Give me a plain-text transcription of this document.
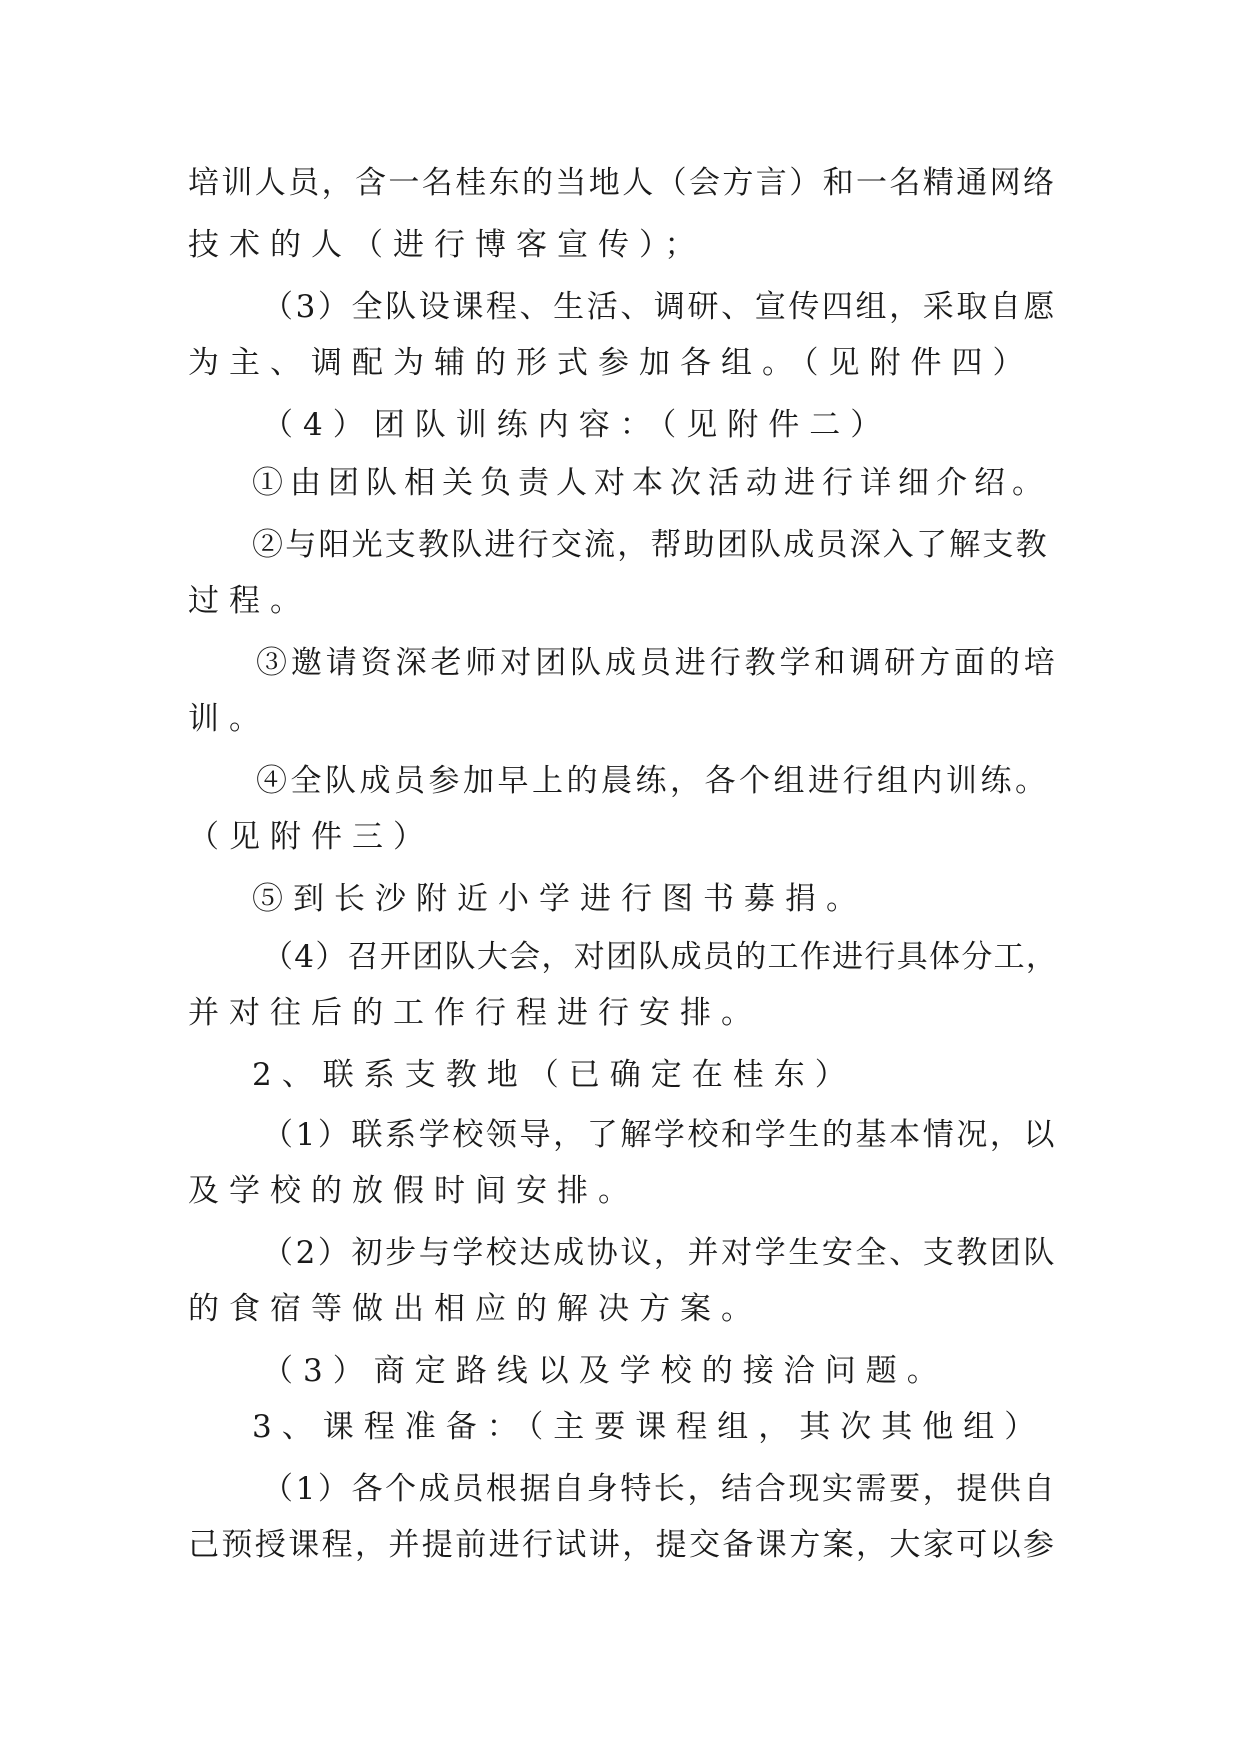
培训人员，含一名桂东的当地人（会方言）和一名精通网络
技术的人（进行博客宣传）；
（3）全队设课程、生活、调研、宣传四组，采取自愿
为主、调配为辅的形式参加各组。（见附件四）
（4）团队训练内容：（见附件二）
①由团队相关负责人对本次活动进行详细介绍。
②与阳光支教队进行交流，帮助团队成员深入了解支教
过程。
③邀请资深老师对团队成员进行教学和调研方面的培
训。
④全队成员参加早上的晨练，各个组进行组内训练。
（见附件三）
⑤到长沙附近小学进行图书募捐。
（4）召开团队大会，对团队成员的工作进行具体分工，
并对往后的工作行程进行安排。
2、联系支教地（已确定在桂东）
（1）联系学校领导，了解学校和学生的基本情况，以
及学校的放假时间安排。
（2）初步与学校达成协议，并对学生安全、支教团队
的食宿等做出相应的解决方案。
（3）商定路线以及学校的接洽问题。
3、课程准备：（主要课程组，其次其他组）
（1）各个成员根据自身特长，结合现实需要，提供自
己预授课程，并提前进行试讲，提交备课方案，大家可以参
